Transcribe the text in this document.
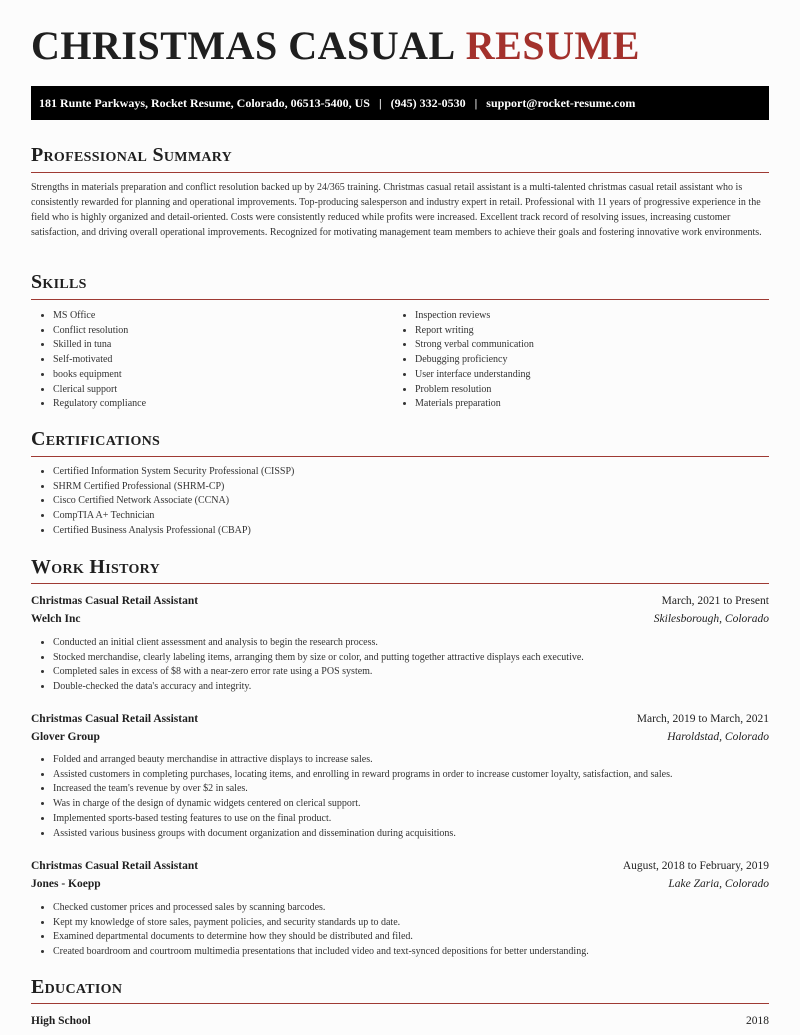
CHRISTMAS CASUAL RESUME
181 Runte Parkways, Rocket Resume, Colorado, 06513-5400, US | (945) 332-0530 | support@rocket-resume.com
Professional Summary

Strengths in materials preparation and conflict resolution backed up by 24/365 training. Christmas casual retail assistant is a multi-talented christmas casual retail assistant who is consistently rewarded for planning and operational improvements. Top-producing salesperson and industry expert in retail. Professional with 11 years of progressive experience in the field who is highly organized and detail-oriented. Costs were consistently reduced while profits were increased. Excellent track record of resolving issues, increasing customer satisfaction, and driving overall operational improvements. Recognized for motivating management team members to achieve their goals and fostering innovative work environments.

Skills
• MS Office
• Conflict resolution
• Skilled in tuna
• Self-motivated
• books equipment
• Clerical support
• Regulatory compliance
• Inspection reviews
• Report writing
• Strong verbal communication
• Debugging proficiency
• User interface understanding
• Problem resolution
• Materials preparation
Certifications
• Certified Information System Security Professional (CISSP)
• SHRM Certified Professional (SHRM-CP)
• Cisco Certified Network Associate (CCNA)
• CompTIA A+ Technician
• Certified Business Analysis Professional (CBAP)
Work History
Christmas Casual Retail Assistant	March, 2021 to Present
Welch Inc	Skilesborough, Colorado
• Conducted an initial client assessment and analysis to begin the research process.
• Stocked merchandise, clearly labeling items, arranging them by size or color, and putting together attractive displays each executive.
• Completed sales in excess of $8 with a near-zero error rate using a POS system.
• Double-checked the data's accuracy and integrity.
Christmas Casual Retail Assistant	March, 2019 to March, 2021
Glover Group	Haroldstad, Colorado
• Folded and arranged beauty merchandise in attractive displays to increase sales.
• Assisted customers in completing purchases, locating items, and enrolling in reward programs in order to increase customer loyalty, satisfaction, and sales.
• Increased the team's revenue by over $2 in sales.
• Was in charge of the design of dynamic widgets centered on clerical support.
• Implemented sports-based testing features to use on the final product.
• Assisted various business groups with document organization and dissemination during acquisitions.
Christmas Casual Retail Assistant	August, 2018 to February, 2019
Jones - Koepp	Lake Zaria, Colorado
• Checked customer prices and processed sales by scanning barcodes.
• Kept my knowledge of store sales, payment policies, and security standards up to date.
• Examined departmental documents to determine how they should be distributed and filed.
• Created boardroom and courtroom multimedia presentations that included video and text-synced depositions for better understanding.
Education
High School	2018
